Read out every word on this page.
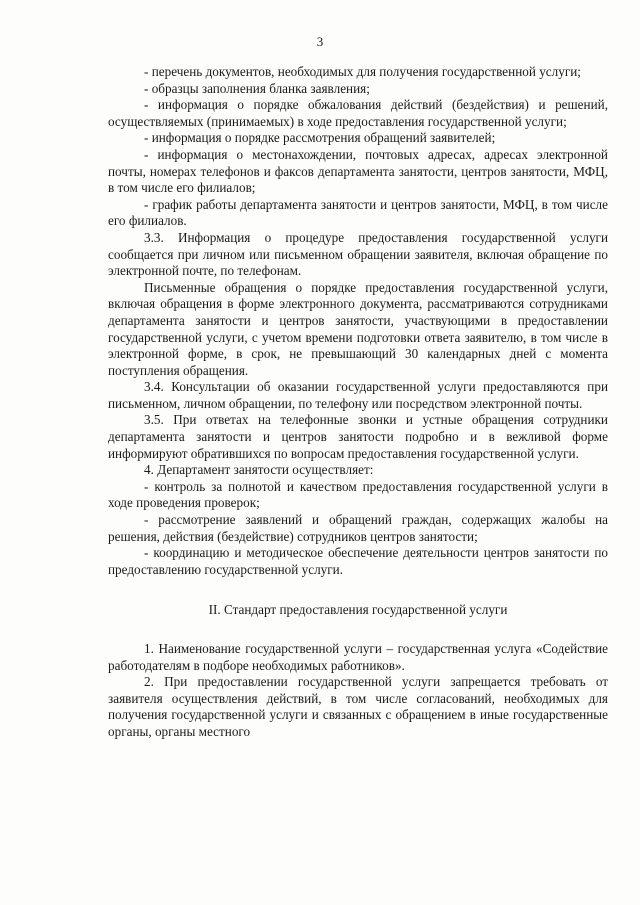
3

- перечень документов, необходимых для получения государственной услуги;

- образцы заполнения бланка заявления;

- информация о порядке обжалования действий (бездействия) и решений, осуществляемых (принимаемых) в ходе предоставления государственной услуги;

- информация о порядке рассмотрения обращений заявителей;

- информация о местонахождении, почтовых адресах, адресах электронной почты, номерах телефонов и факсов департамента занятости, центров занятости, МФЦ, в том числе его филиалов;

- график работы департамента занятости и центров занятости, МФЦ, в том числе его филиалов.

3.3. Информация о процедуре предоставления государственной услуги сообщается при личном или письменном обращении заявителя, включая обращение по электронной почте, по телефонам.

Письменные обращения о порядке предоставления государственной услуги, включая обращения в форме электронного документа, рассматриваются сотрудниками департамента занятости и центров занятости, участвующими в предоставлении государственной услуги, с учетом времени подготовки ответа заявителю, в том числе в электронной форме, в срок, не превышающий 30 календарных дней с момента поступления обращения.

3.4. Консультации об оказании государственной услуги предоставляются при письменном, личном обращении, по телефону или посредством электронной почты.

3.5. При ответах на телефонные звонки и устные обращения сотрудники департамента занятости и центров занятости подробно и в вежливой форме информируют обратившихся по вопросам предоставления государственной услуги.

4. Департамент занятости осуществляет:

- контроль за полнотой и качеством предоставления государственной услуги в ходе проведения проверок;

- рассмотрение заявлений и обращений граждан, содержащих жалобы на решения, действия (бездействие) сотрудников центров занятости;

- координацию и методическое обеспечение деятельности центров занятости по предоставлению государственной услуги.

II. Стандарт предоставления государственной услуги

1. Наименование государственной услуги – государственная услуга «Содействие работодателям в подборе необходимых работников».

2. При предоставлении государственной услуги запрещается требовать от заявителя осуществления действий, в том числе согласований, необходимых для получения государственной услуги и связанных с обращением в иные государственные органы, органы местного
